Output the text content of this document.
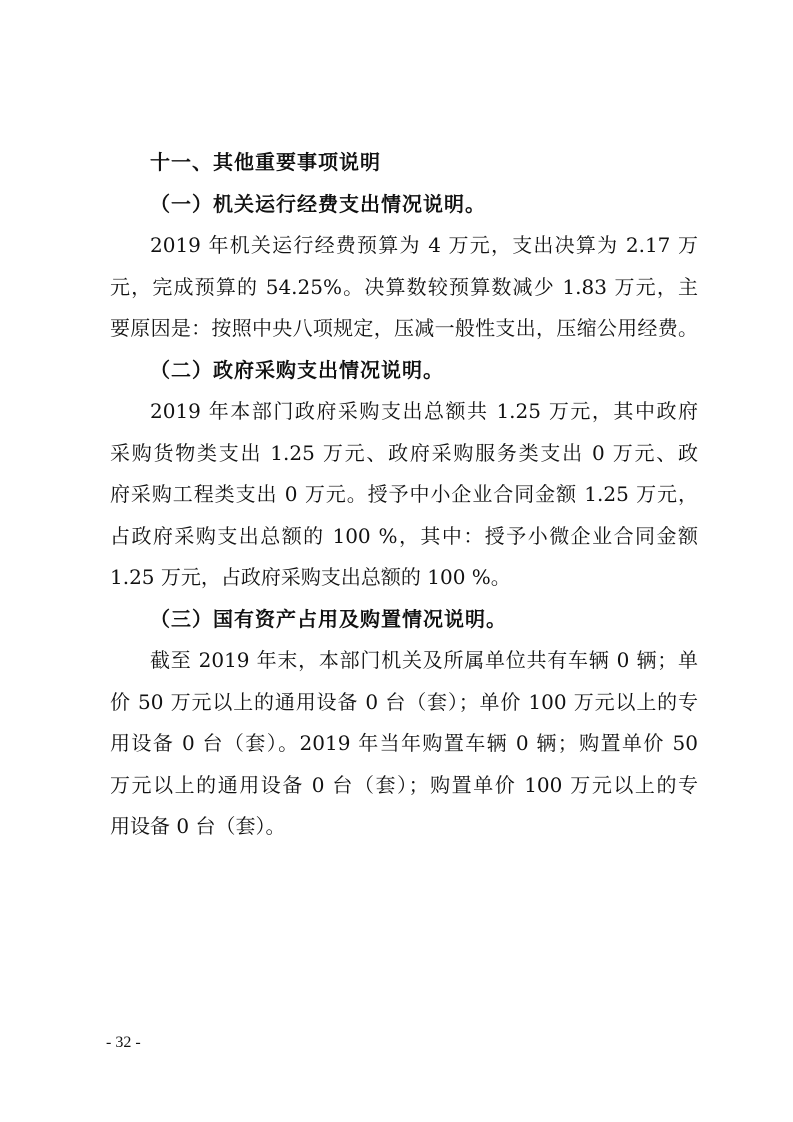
十一、其他重要事项说明
（一）机关运行经费支出情况说明。
2019 年机关运行经费预算为 4 万元，支出决算为 2.17 万
元，完成预算的 54.25%。决算数较预算数减少 1.83 万元，主
要原因是：按照中央八项规定，压减一般性支出，压缩公用经费。
（二）政府采购支出情况说明。
2019 年本部门政府采购支出总额共 1.25 万元，其中政府
采购货物类支出 1.25 万元、政府采购服务类支出 0 万元、政
府采购工程类支出 0 万元。授予中小企业合同金额 1.25 万元，
占政府采购支出总额的 100 %，其中：授予小微企业合同金额
1.25 万元，占政府采购支出总额的 100 %。
（三）国有资产占用及购置情况说明。
截至 2019 年末，本部门机关及所属单位共有车辆 0 辆；单
价 50 万元以上的通用设备 0 台（套）；单价 100 万元以上的专
用设备 0 台（套）。2019 年当年购置车辆 0 辆；购置单价 50
万元以上的通用设备 0 台（套）；购置单价 100 万元以上的专
用设备 0 台（套）。
- 32 -
